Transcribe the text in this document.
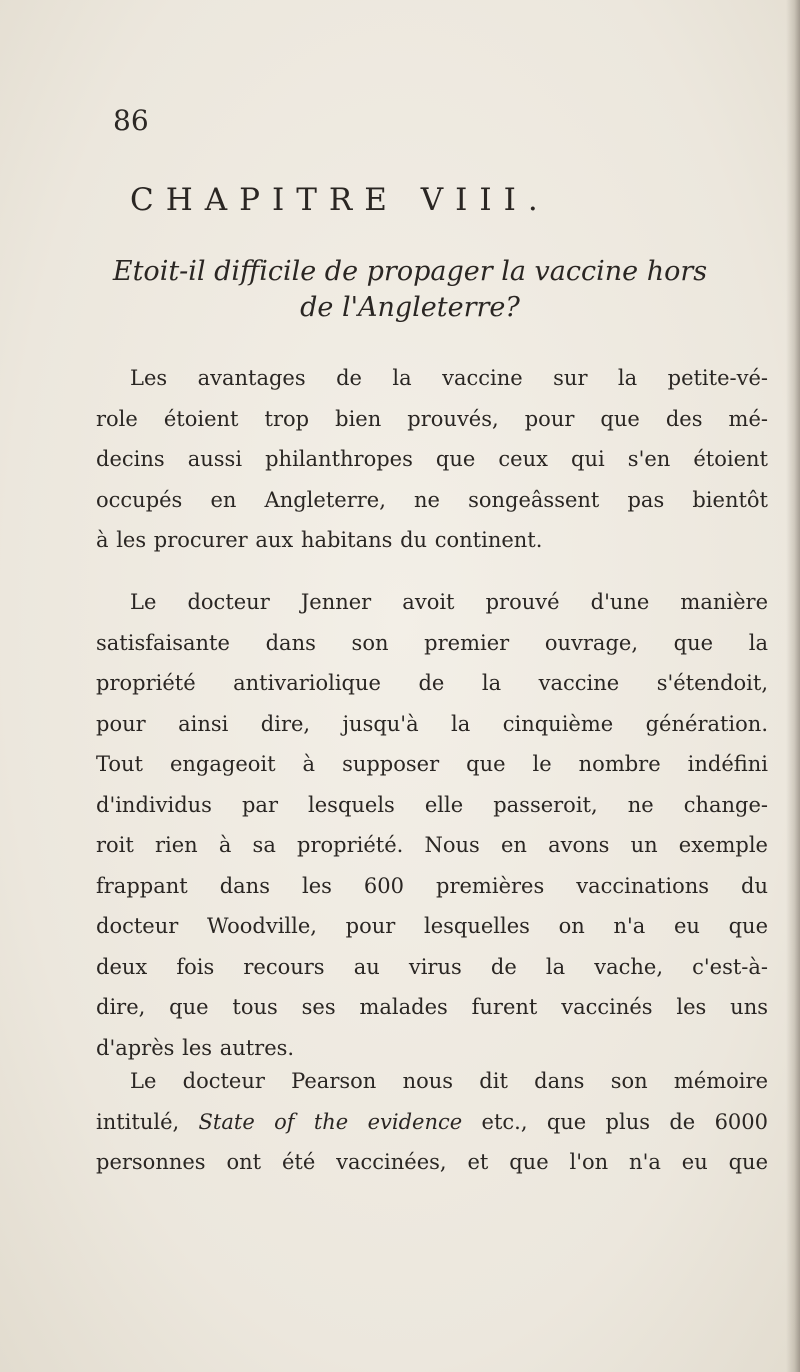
86
CHAPITRE VIII.
Etoit-il difficile de propager la vaccine hors
de l'Angleterre?
Les avantages de la vaccine sur la petite-vé-
role étoient trop bien prouvés, pour que des mé-
decins aussi philanthropes que ceux qui s'en étoient
occupés en Angleterre, ne songeâssent pas bientôt
à les procurer aux habitans du continent.
Le docteur Jenner avoit prouvé d'une manière
satisfaisante dans son premier ouvrage, que la
propriété antivariolique de la vaccine s'étendoit,
pour ainsi dire, jusqu'à la cinquième génération.
Tout engageoit à supposer que le nombre indéfini
d'individus par lesquels elle passeroit, ne change-
roit rien à sa propriété. Nous en avons un exemple
frappant dans les 600 premières vaccinations du
docteur Woodville, pour lesquelles on n'a eu que
deux fois recours au virus de la vache, c'est-à-
dire, que tous ses malades furent vaccinés les uns
d'après les autres.
Le docteur Pearson nous dit dans son mémoire
intitulé, State of the evidence etc., que plus de 6000
personnes ont été vaccinées, et que l'on n'a eu que
